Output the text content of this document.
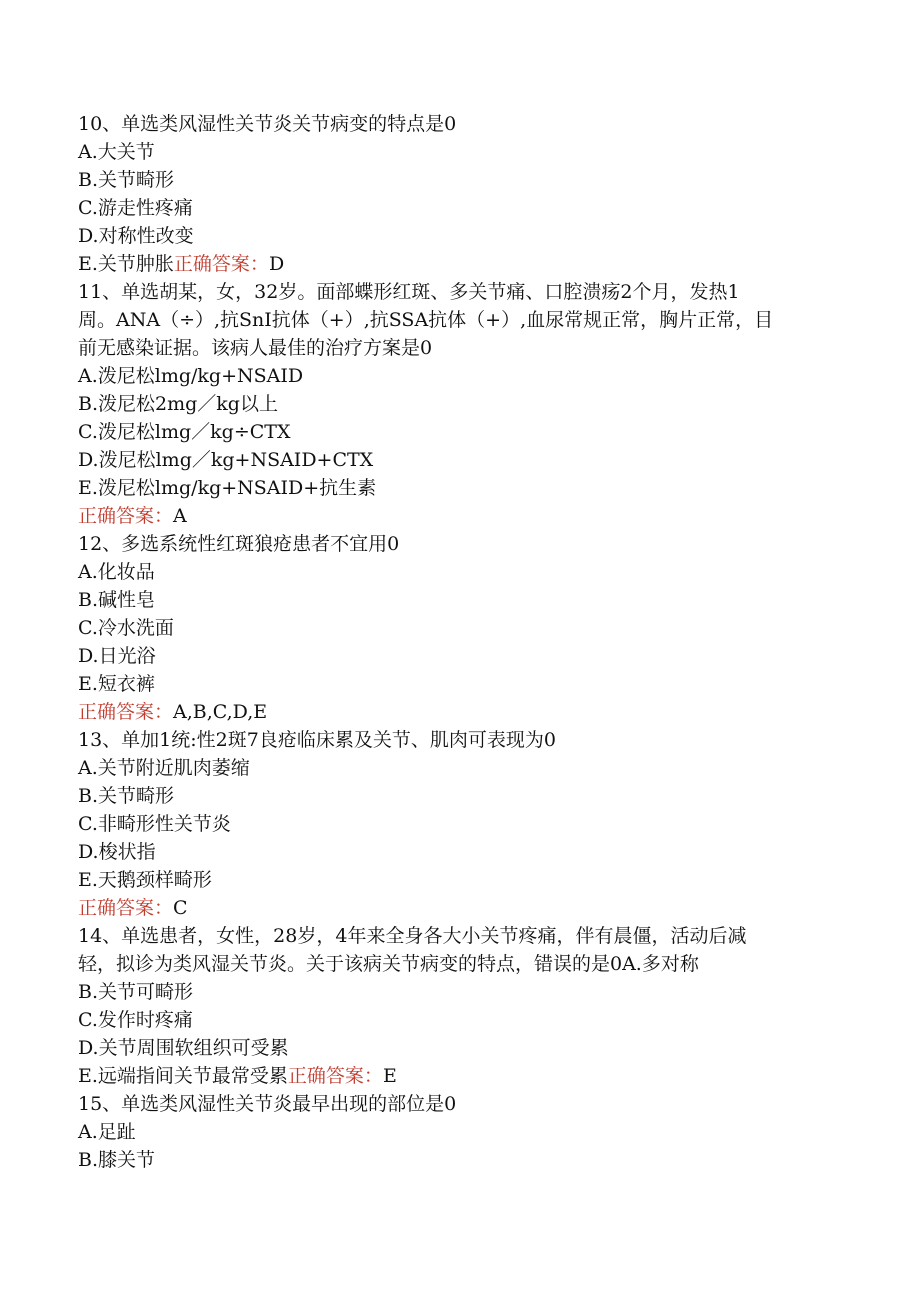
10、单选类风湿性关节炎关节病变的特点是0
A.大关节
B.关节畸形
C.游走性疼痛
D.对称性改变
E.关节肿胀正确答案：D
11、单选胡某，女，32岁。面部蝶形红斑、多关节痛、口腔溃疡2个月，发热1
周。ANA（÷）,抗SnI抗体（+）,抗SSA抗体（+）,血尿常规正常，胸片正常，目
前无感染证据。该病人最佳的治疗方案是0
A.泼尼松lmg/kg+NSAID
B.泼尼松2mg／kg以上
C.泼尼松lmg／kg÷CTX
D.泼尼松lmg／kg+NSAID+CTX
E.泼尼松lmg/kg+NSAID+抗生素
正确答案：A
12、多选系统性红斑狼疮患者不宜用0
A.化妆品
B.碱性皂
C.冷水洗面
D.日光浴
E.短衣裤
正确答案：A,B,C,D,E
13、单加1统:性2斑7良疮临床累及关节、肌肉可表现为0
A.关节附近肌肉萎缩
B.关节畸形
C.非畸形性关节炎
D.梭状指
E.天鹅颈样畸形
正确答案：C
14、单选患者，女性，28岁，4年来全身各大小关节疼痛，伴有晨僵，活动后减
轻，拟诊为类风湿关节炎。关于该病关节病变的特点，错误的是0A.多对称
B.关节可畸形
C.发作时疼痛
D.关节周围软组织可受累
E.远端指间关节最常受累正确答案：E
15、单选类风湿性关节炎最早出现的部位是0
A.足趾
B.膝关节
